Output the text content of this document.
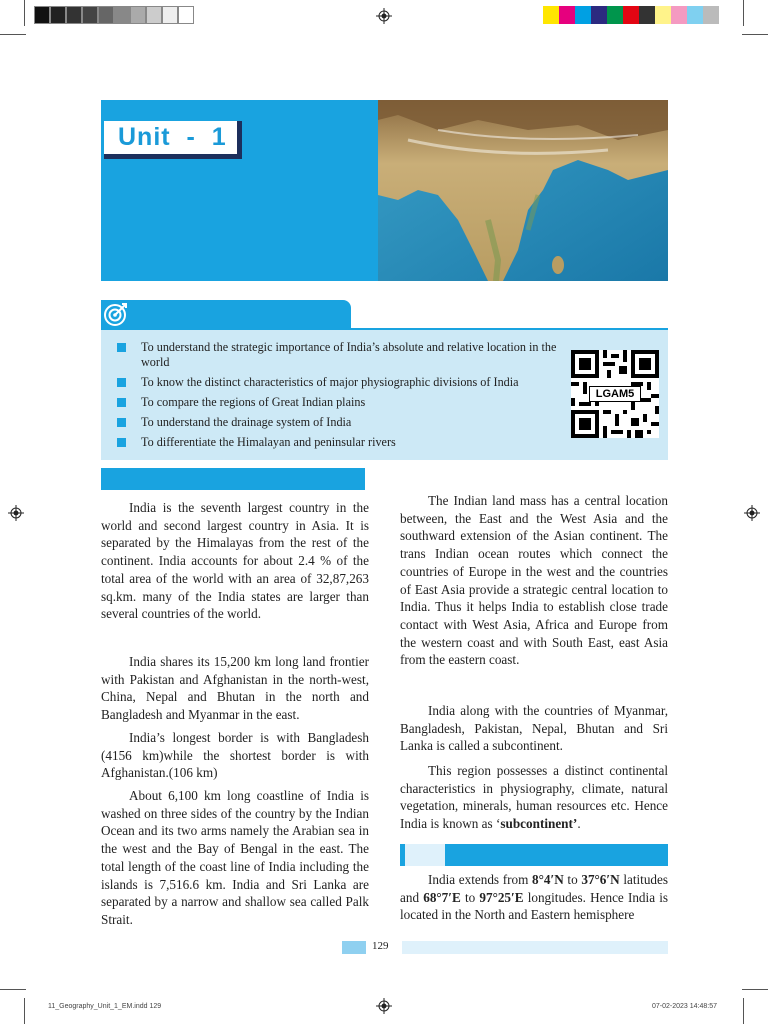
Unit  -  1
To understand the strategic importance of India’s absolute and relative location in the world
To know the distinct characteristics of major physiographic divisions of India
To compare the regions of Great Indian plains
To understand the drainage system of India
To differentiate the Himalayan and peninsular rivers
LGAM5

India is the seventh largest country in the world and second largest country in Asia. It is separated by the Himalayas from the rest of the continent. India accounts for about 2.4 % of the total area of the world with an area of 32,87,263 sq.km. many of the India states are larger than several countries of the world.

India shares its 15,200 km long land frontier with Pakistan and Afghanistan in the north-west, China, Nepal and Bhutan in the north and Bangladesh and Myanmar in the east.

India’s longest border is with Bangladesh (4156 km)while the shortest border is with Afghanistan.(106 km)

About 6,100 km long coastline of India is washed on three sides of the country by the Indian Ocean and its two arms namely the Arabian sea in the west and the Bay of Bengal in the east. The total length of the coast line of India including the islands is 7,516.6 km. India and Sri Lanka are separated by a narrow and shallow sea called Palk Strait.

The Indian land mass has a central location between, the East and the West Asia and the southward extension of the Asian continent. The trans Indian ocean routes which connect the countries of Europe in the west and the countries of East Asia provide a strategic central location to India. Thus it helps India to establish close trade contact with West Asia, Africa and Europe from the western coast and with South East, east Asia from the eastern coast.

India along with the countries of Myanmar, Bangladesh, Pakistan, Nepal, Bhutan and Sri Lanka is called a subcontinent.

This region possesses a distinct continental characteristics in physiography, climate, natural vegetation, minerals, human resources etc. Hence India is known as ‘subcontinent’.

India extends from 8°4′N to 37°6′N latitudes and 68°7′E to 97°25′E longitudes. Hence India is located in the North and Eastern hemisphere

129
11_Geography_Unit_1_EM.indd 129	07-02-2023 14:48:57
